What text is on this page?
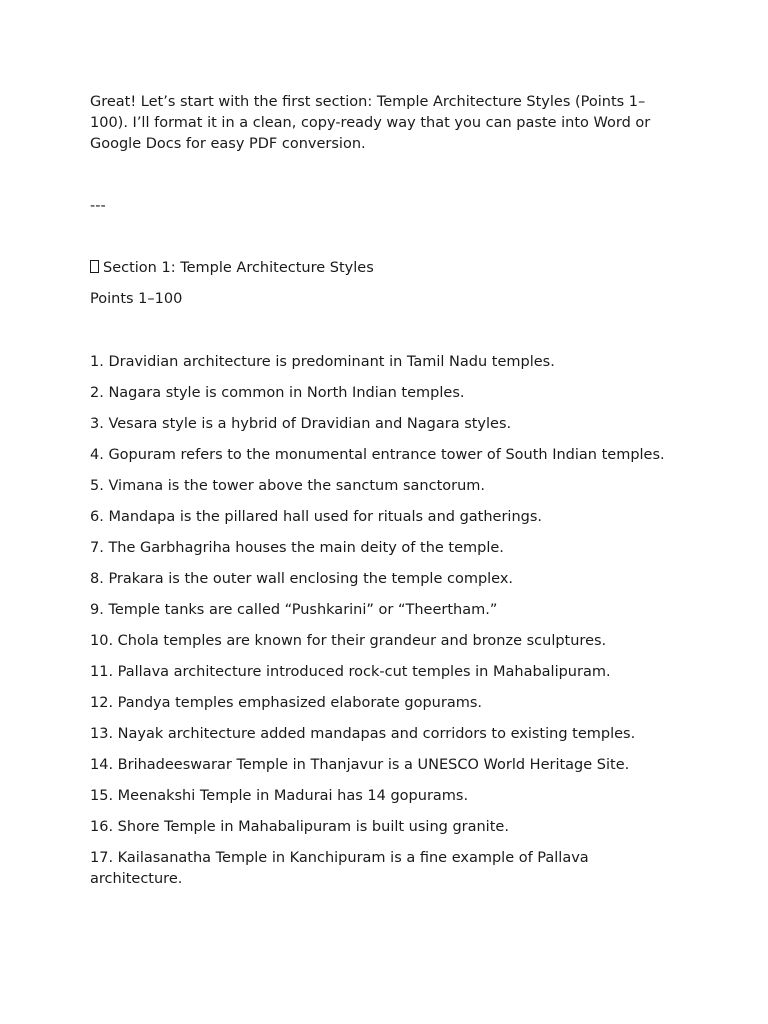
Great! Let’s start with the first section: Temple Architecture Styles (Points 1–100). I’ll format it in a clean, copy-ready way that you can paste into Word or Google Docs for easy PDF conversion.

---

Section 1: Temple Architecture Styles

Points 1–100

1. Dravidian architecture is predominant in Tamil Nadu temples.
2. Nagara style is common in North Indian temples.
3. Vesara style is a hybrid of Dravidian and Nagara styles.
4. Gopuram refers to the monumental entrance tower of South Indian temples.
5. Vimana is the tower above the sanctum sanctorum.
6. Mandapa is the pillared hall used for rituals and gatherings.
7. The Garbhagriha houses the main deity of the temple.
8. Prakara is the outer wall enclosing the temple complex.
9. Temple tanks are called “Pushkarini” or “Theertham.”
10. Chola temples are known for their grandeur and bronze sculptures.
11. Pallava architecture introduced rock-cut temples in Mahabalipuram.
12. Pandya temples emphasized elaborate gopurams.
13. Nayak architecture added mandapas and corridors to existing temples.
14. Brihadeeswarar Temple in Thanjavur is a UNESCO World Heritage Site.
15. Meenakshi Temple in Madurai has 14 gopurams.
16. Shore Temple in Mahabalipuram is built using granite.
17. Kailasanatha Temple in Kanchipuram is a fine example of Pallava architecture.
